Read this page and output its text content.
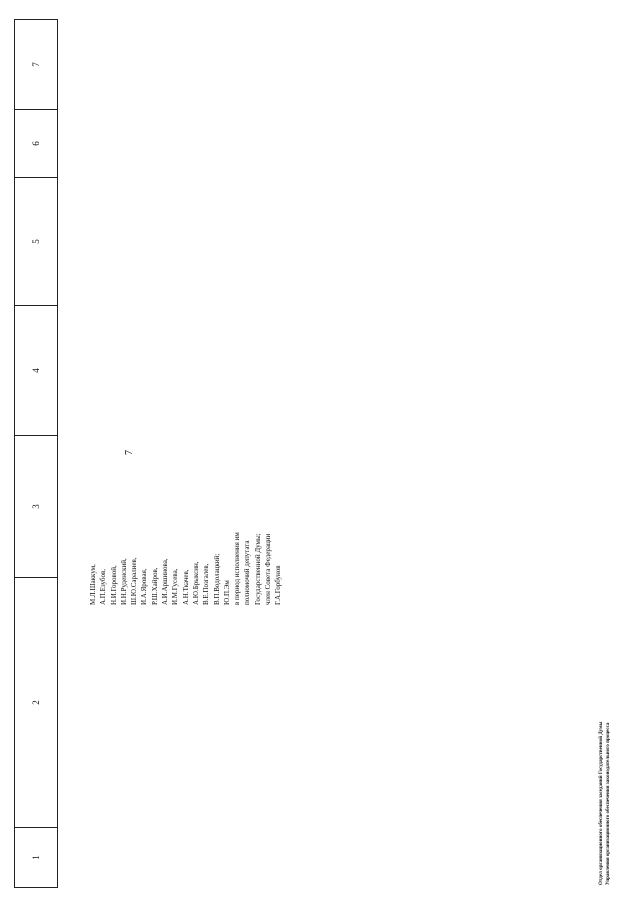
7
1	2	3	4	5	6	7
М.Л.Шаккум, А.П.Езубов, Н.И.Горовой, И.Н.Руденский, Ш.Ю.Саралиев, И.А.Яровая, Р.Ш.Хайров, А.И.Аршинова, И.М.Гусева, А.Н.Ткачев, А.Ю.Брыксин, В.Е.Позгалев, В.П.Водолацкий; Ю.П.Эм в период исполнения им полномочий депутата Государственной Думы; член Совета Федерации Г.А.Горбунов
Отдел организационного обеспечения заседаний Государственной Думы Управления организационного обеспечения законодательного процесса
